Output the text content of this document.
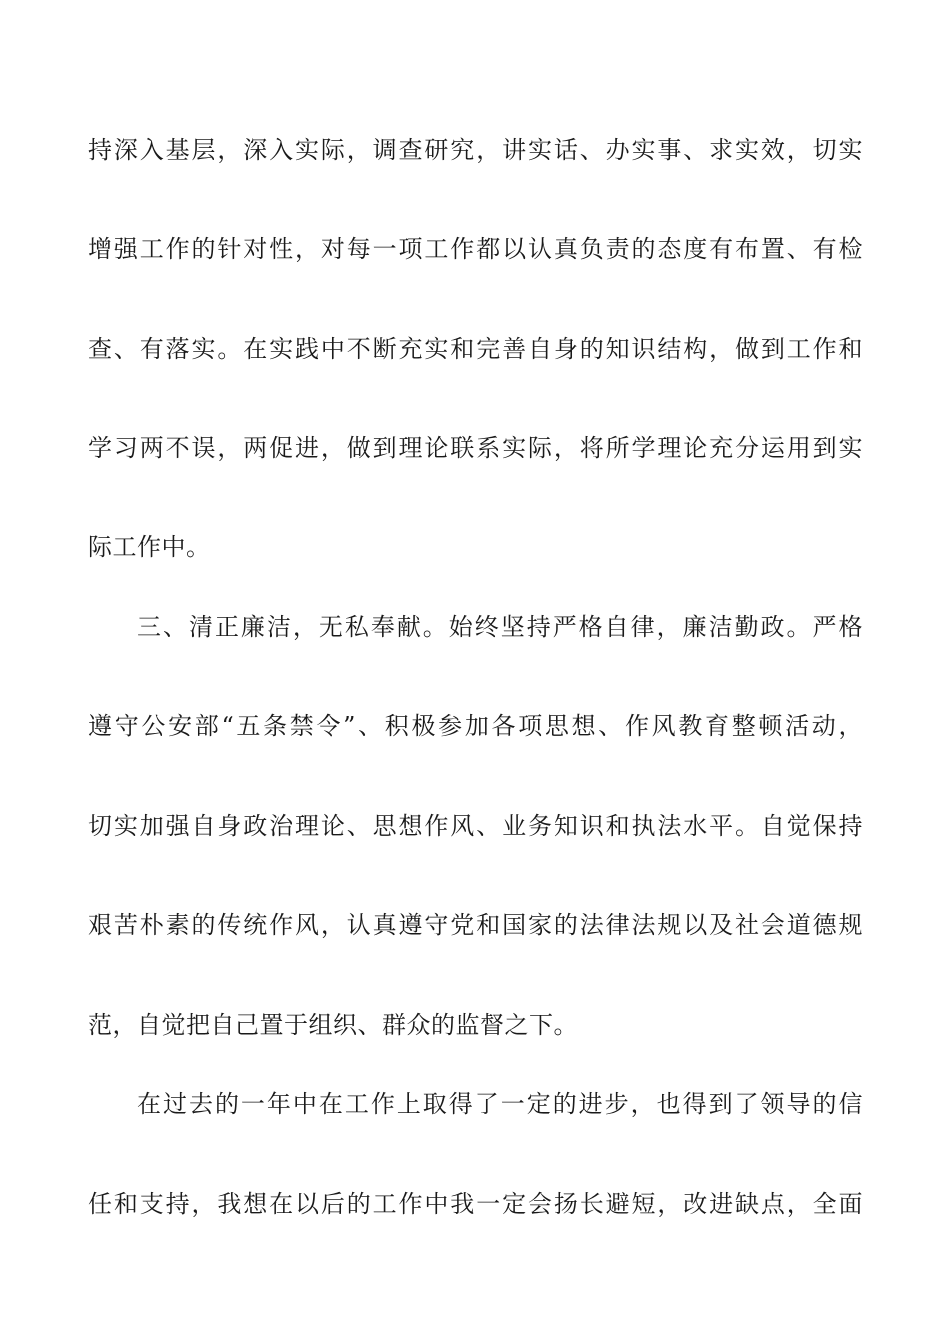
持深入基层，深入实际，调查研究，讲实话、办实事、求实效，切实
增强工作的针对性，对每一项工作都以认真负责的态度有布置、有检
查、有落实。在实践中不断充实和完善自身的知识结构，做到工作和
学习两不误，两促进，做到理论联系实际，将所学理论充分运用到实
际工作中。
三、清正廉洁，无私奉献。始终坚持严格自律，廉洁勤政。严格
遵守公安部“五条禁令”、积极参加各项思想、作风教育整顿活动，
切实加强自身政治理论、思想作风、业务知识和执法水平。自觉保持
艰苦朴素的传统作风，认真遵守党和国家的法律法规以及社会道德规
范，自觉把自己置于组织、群众的监督之下。
在过去的一年中在工作上取得了一定的进步，也得到了领导的信
任和支持，我想在以后的工作中我一定会扬长避短，改进缺点，全面
